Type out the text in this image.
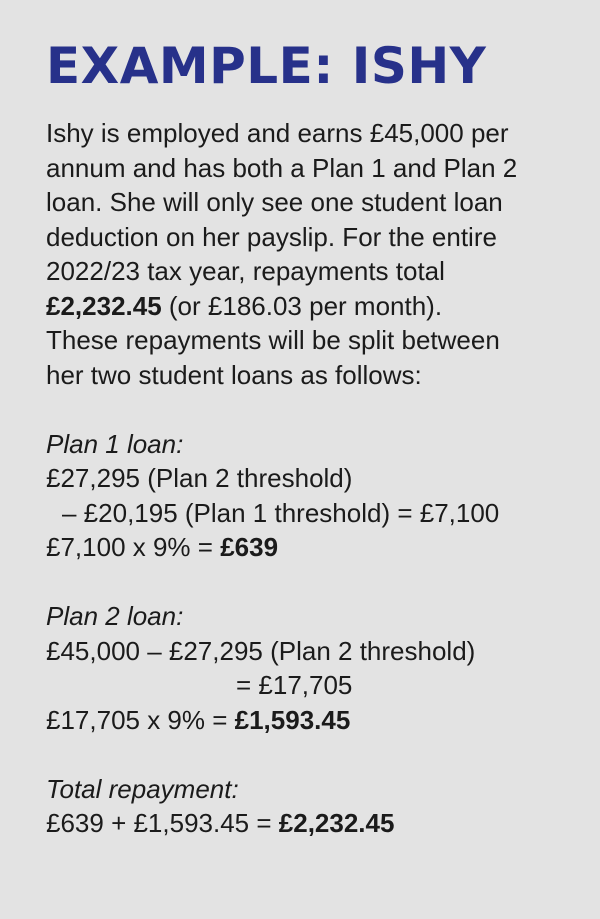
EXAMPLE: ISHY
Ishy is employed and earns £45,000 per
annum and has both a Plan 1 and Plan 2
loan. She will only see one student loan
deduction on her payslip. For the entire
2022/23 tax year, repayments total
£2,232.45 (or £186.03 per month).
These repayments will be split between
her two student loans as follows:
Plan 1 loan:
£27,295 (Plan 2 threshold)
– £20,195 (Plan 1 threshold) = £7,100
£7,100 x 9% = £639
Plan 2 loan:
£45,000 – £27,295 (Plan 2 threshold)
= £17,705
£17,705 x 9% = £1,593.45
Total repayment:
£639 + £1,593.45 = £2,232.45
